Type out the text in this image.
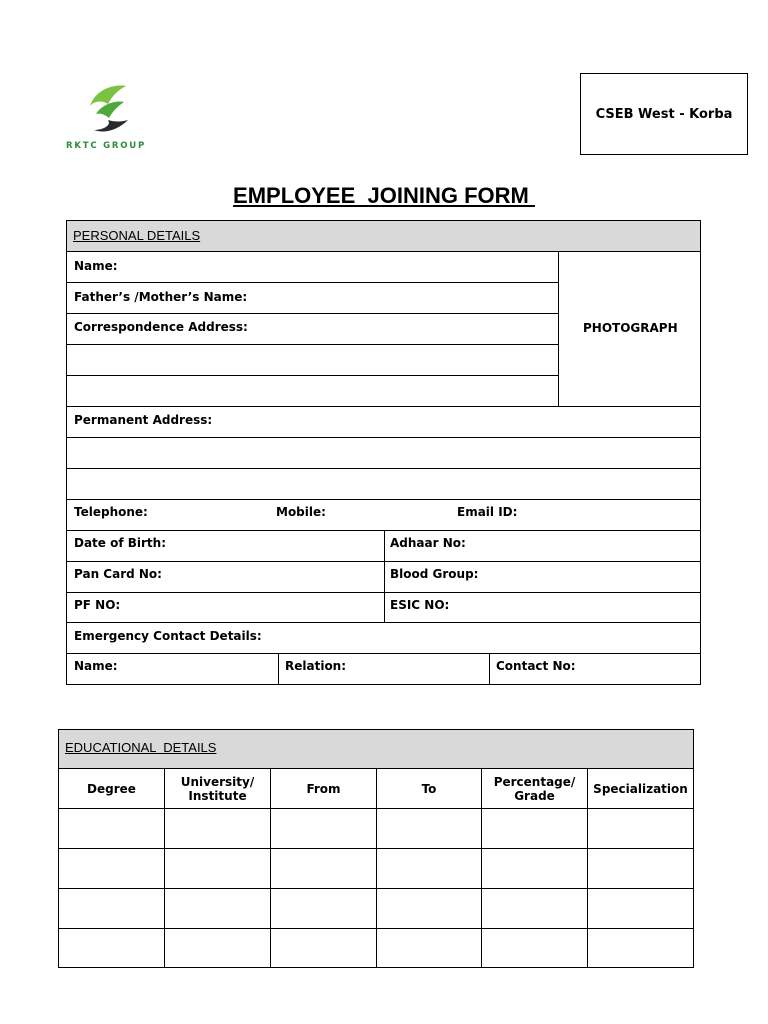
RKTC GROUP
CSEB West - Korba
EMPLOYEE  JOINING FORM
PERSONAL DETAILS
Name:
Father’s /Mother’s Name:
Correspondence Address:	PHOTOGRAPH
Permanent Address:
Telephone:	Mobile:	Email ID:
Date of Birth:	Adhaar No:
Pan Card No:	Blood Group:
PF NO:	ESIC NO:
Emergency Contact Details:
Name:	Relation:	Contact No:
EDUCATIONAL  DETAILS
Degree	University/ Institute	From	To	Percentage/ Grade	Specialization
